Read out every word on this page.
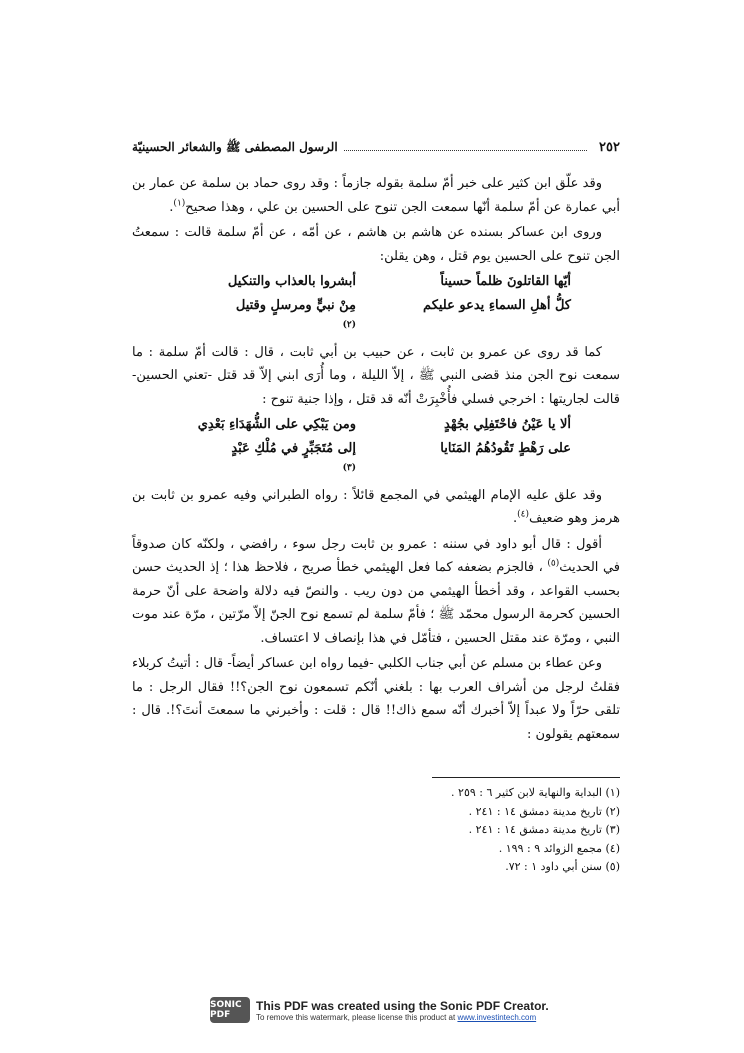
٢٥٢
الرسول المصطفى ﷺ والشعائر الحسينيّة

وقد علّق ابن كثير على خبر أمّ سلمة بقوله جازماً : وقد روى حماد بن سلمة عن عمار بن أبي عمارة عن أمّ سلمة أنّها سمعت الجن تنوح على الحسين بن علي ، وهذا صحيح$^{(١)}$.

وروى ابن عساكر بسنده عن هاشم بن هاشم ، عن أمّه ، عن أمّ سلمة قالت : سمعتُ الجن تنوح على الحسين يوم قتل ، وهن يقلن:

أيّها القاتلونَ ظلماً حسيناً
أبشروا بالعذاب والتنكيل
كلُّ أهلِ السماءِ يدعو عليكم
مِنْ نبيٍّ ومرسلٍ وقتيل(٢)

كما قد روى عن عمرو بن ثابت ، عن حبيب بن أبي ثابت ، قال : قالت أمّ سلمة : ما سمعت نوح الجن منذ قضى النبي ﷺ ، إلاّ الليلة ، وما أُرَى ابني إلاّ قد قتل -تعني الحسين- قالت لجاريتها : اخرجي فسلي فأُخْبِرَتْ أنّه قد قتل ، وإذا جنية تنوح :

ألا يا عَيْنُ فاحْتَفِلِي بجُهْدٍ
ومن يَبْكِي على الشُّهَدَاءِ بَعْدِي
على رَهْطٍ تَقُودُهُمُ المَنَايا
إلى مُتَجَبِّرٍ في مُلْكِ عَبْدٍ(٣)

وقد علق عليه الإمام الهيثمي في المجمع قائلاً : رواه الطبراني وفيه عمرو بن ثابت بن هرمز وهو ضعيف$^{(٤)}$.

أقول : قال أبو داود في سننه : عمرو بن ثابت رجل سوء ، رافضي ، ولكنّه كان صدوقاً في الحديث$^{(٥)}$ ، فالجزم بضعفه كما فعل الهيثمي خطأ صريح ، فلاحظ هذا ؛ إذ الحديث حسن بحسب القواعد ، وقد أخطأ الهيثمي من دون ريب . والنصّ فيه دلالة واضحة على أنّ حرمة الحسين كحرمة الرسول محمّد ﷺ ؛ فأمّ سلمة لم تسمع نوح الجنّ إلاّ مرّتين ، مرّة عند موت النبي ، ومرّة عند مقتل الحسين ، فتأمّل في هذا بإنصاف لا اعتساف.

وعن عطاء بن مسلم عن أبي جناب الكلبي -فيما رواه ابن عساكر أيضاً- قال : أتيتُ كربلاء فقلتُ لرجل من أشراف العرب بها : بلغني أنّكم تسمعون نوح الجن؟!! فقال الرجل : ما تلقى حرّاً ولا عبداً إلاّ أخبرك أنّه سمع ذاك!! قال : قلت : وأخبرني ما سمعتَ أنتَ؟!. قال : سمعتهم يقولون :

(١) البداية والنهاية لابن كثير ٦ : ٢٥٩ .
(٢) تاريخ مدينة دمشق ١٤ : ٢٤١ .
(٣) تاريخ مدينة دمشق ١٤ : ٢٤١ .
(٤) مجمع الزوائد ٩ : ١٩٩ .
(٥) سنن أبي داود ١ : ٧٢.
SONIC PDF
This PDF was created using the Sonic PDF Creator.
To remove this watermark, please license this product at www.investintech.com
